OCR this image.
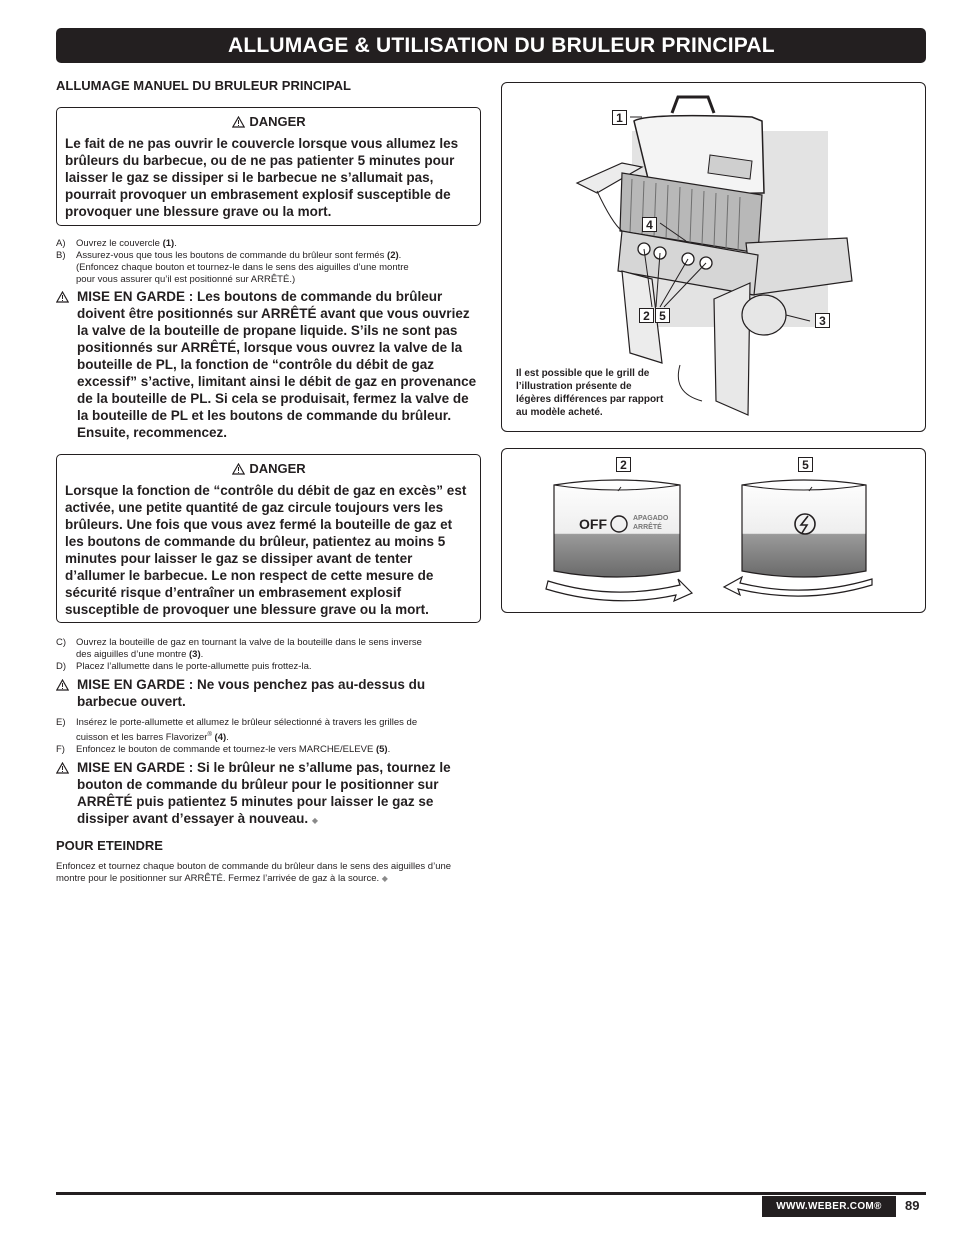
ALLUMAGE & UTILISATION DU BRULEUR PRINCIPAL
ALLUMAGE MANUEL DU BRULEUR PRINCIPAL
DANGER
Le fait de ne pas ouvrir le couvercle lorsque vous allumez les brûleurs du barbecue, ou de ne pas patienter 5 minutes pour laisser le gaz se dissiper si le barbecue ne s’allumait pas, pourrait provoquer un embrasement explosif susceptible de provoquer une blessure grave ou la mort.
A)	Ouvrez le couvercle (1).
B)	Assurez-vous que tous les boutons de commande du brûleur sont fermés (2).
(Enfoncez chaque bouton et tournez-le dans le sens des aiguilles d’une montre
pour vous assurer qu’il est positionné sur ARRÊTÉ.)
MISE EN GARDE : Les boutons de commande du brûleur doivent être positionnés sur ARRÊTÉ avant que vous ouvriez la valve de la bouteille de propane liquide. S’ils ne sont pas positionnés sur ARRÊTÉ, lorsque vous ouvrez la valve de la bouteille de PL, la fonction de “contrôle du débit de gaz excessif” s’active, limitant ainsi le débit de gaz en provenance de la bouteille de PL. Si cela se produisait, fermez la valve de la bouteille de PL et les boutons de commande du brûleur. Ensuite, recommencez.
DANGER
Lorsque la fonction de “contrôle du débit de gaz en excès” est activée, une petite quantité de gaz circule toujours vers les brûleurs. Une fois que vous avez fermé la bouteille de gaz et les boutons de commande du brûleur, patientez au moins 5 minutes pour laisser le gaz se dissiper avant de tenter d’allumer le barbecue. Le non respect de cette mesure de sécurité risque d’entraîner un embrasement explosif susceptible de provoquer une blessure grave ou la mort.
C)	Ouvrez la bouteille de gaz en tournant la valve de la bouteille dans le sens inverse
des aiguilles d’une montre (3).
D)	Placez l’allumette dans le porte-allumette puis frottez-la.
MISE EN GARDE : Ne vous penchez pas au-dessus du barbecue ouvert.
E)	Insérez le porte-allumette et allumez le brûleur sélectionné à travers les grilles de
cuisson et les barres Flavorizer® (4).
F)	Enfoncez le bouton de commande et tournez-le vers MARCHE/ELEVE (5).
MISE EN GARDE : Si le brûleur ne s’allume pas, tournez le bouton de commande du brûleur pour le positionner sur ARRÊTÉ puis patientez 5 minutes pour laisser le gaz se dissiper avant d’essayer à nouveau. ◆
POUR ETEINDRE
Enfoncez et tournez chaque bouton de commande du brûleur dans le sens des aiguilles d’une montre pour le positionner sur ARRÊTÉ. Fermez l’arrivée de gaz à la source. ◆
1
4
2 5	3
Il est possible que le grill de l’illustration présente de légères différences par rapport au modèle acheté.
2	5
OFF	APAGADO
ARRÊTÉ
WWW.WEBER.COM®	89
